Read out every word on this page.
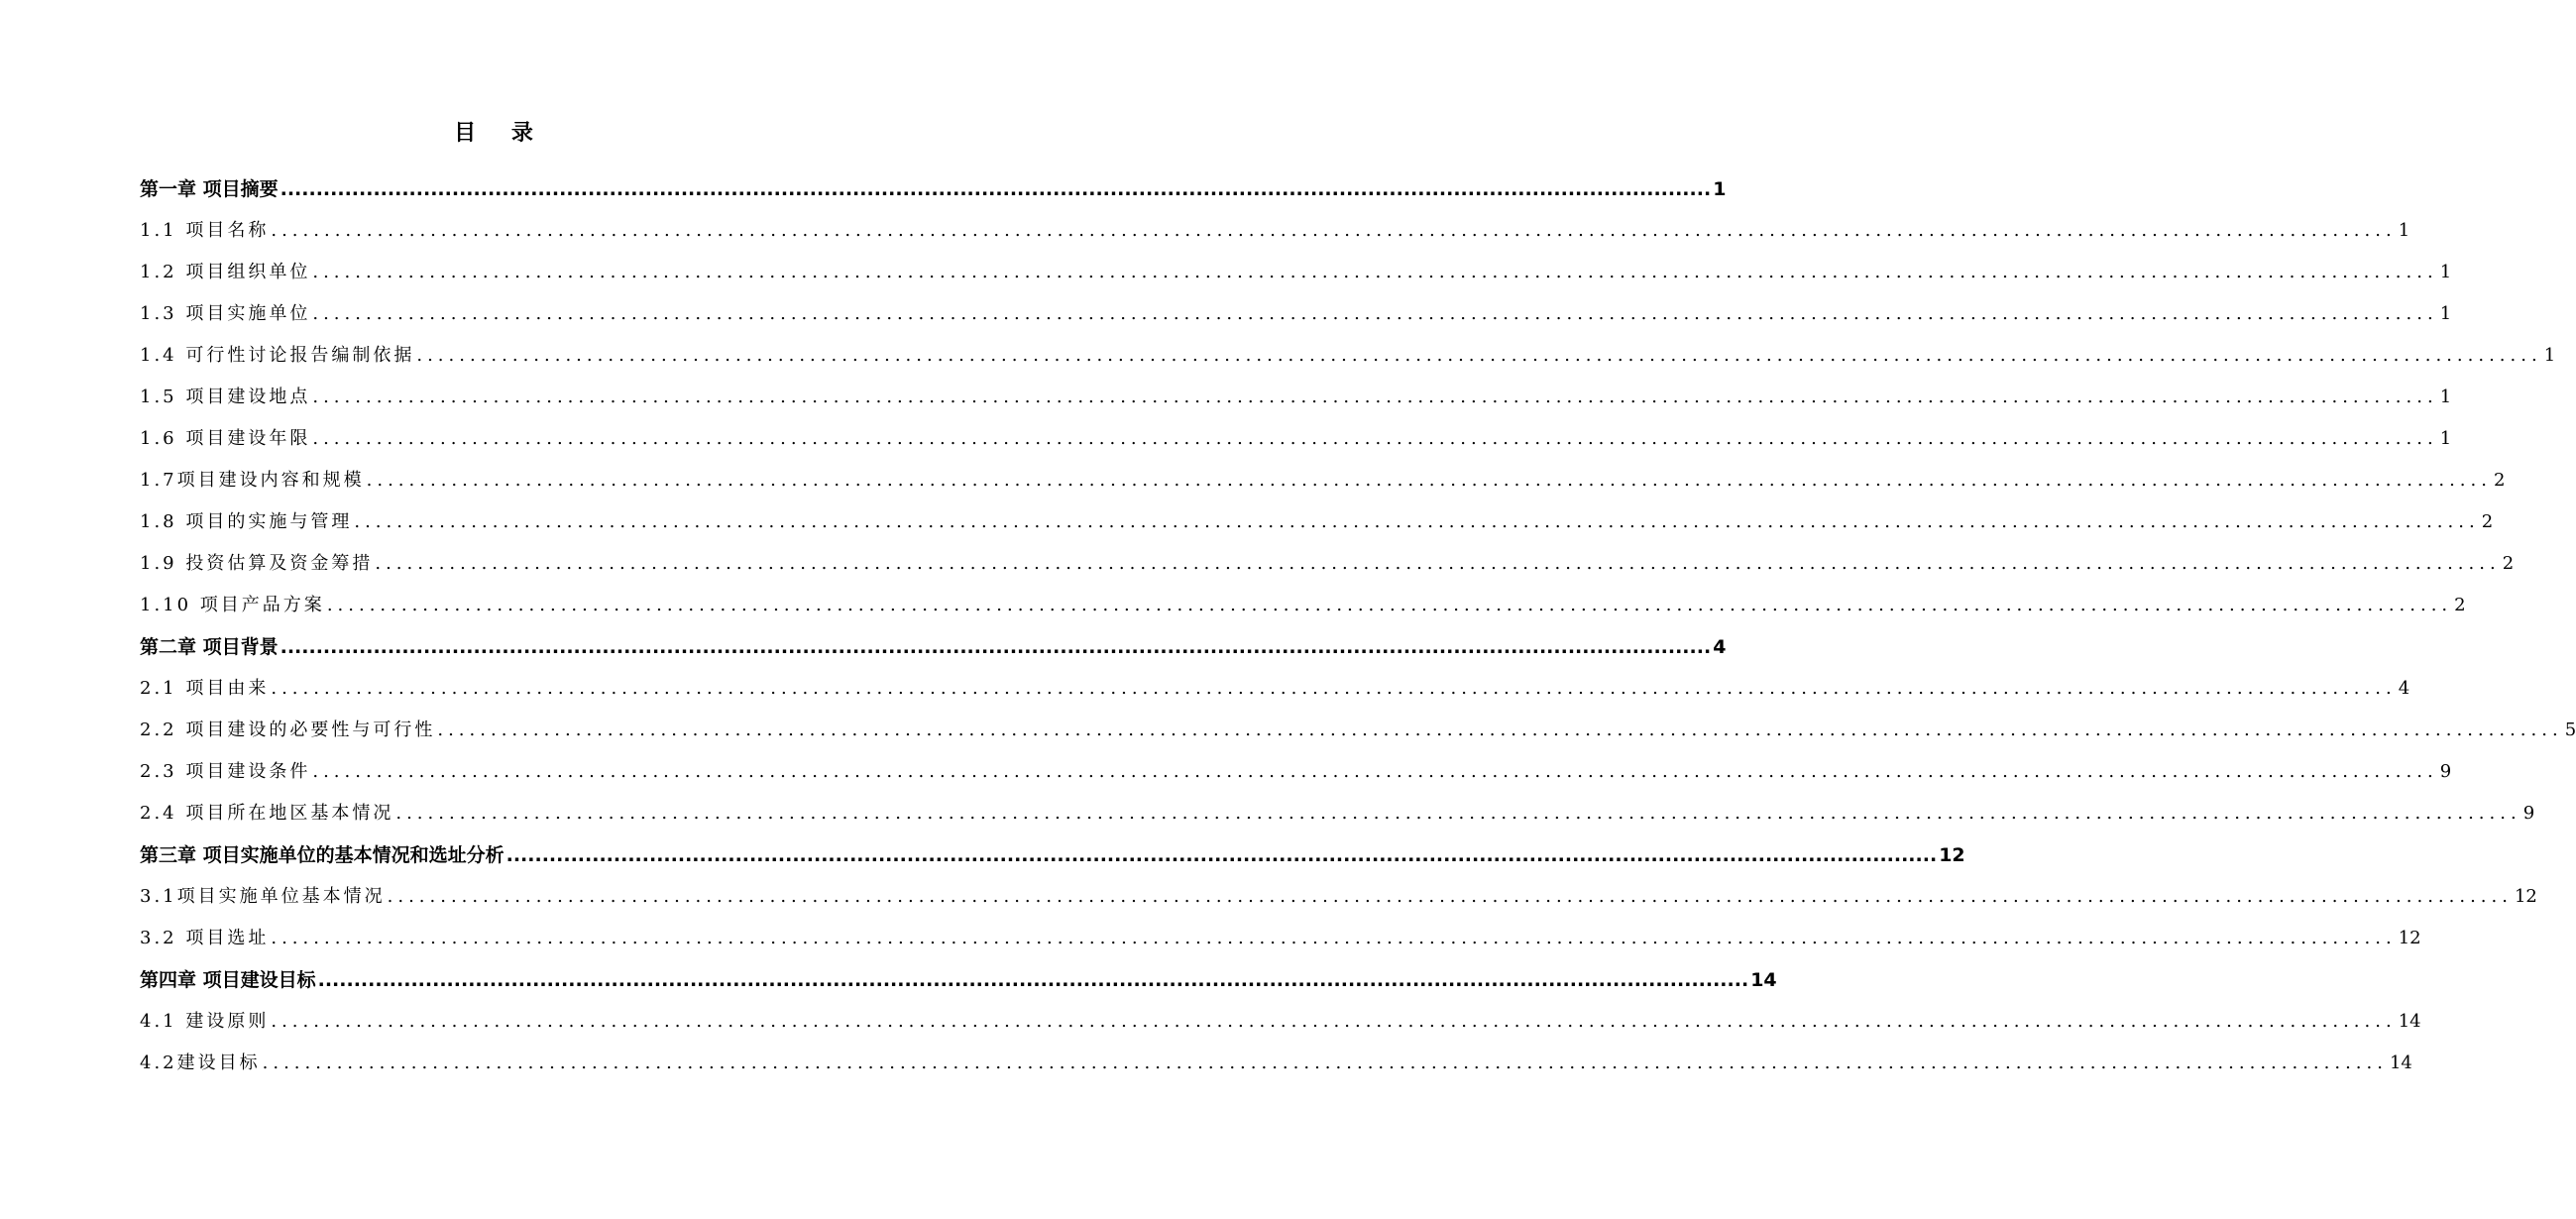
目 录
第一章 项目摘要 ........................................................................................................................................................................................................ 1
1.1 项目名称 ........................................................................................................................................................................................................ 1
1.2 项目组织单位 ........................................................................................................................................................................................................ 1
1.3 项目实施单位 ........................................................................................................................................................................................................ 1
1.4 可行性讨论报告编制依据 ........................................................................................................................................................................................................ 1
1.5 项目建设地点 ........................................................................................................................................................................................................ 1
1.6 项目建设年限 ........................................................................................................................................................................................................ 1
1.7项目建设内容和规模 ........................................................................................................................................................................................................ 2
1.8 项目的实施与管理 ........................................................................................................................................................................................................ 2
1.9 投资估算及资金筹措 ........................................................................................................................................................................................................ 2
1.10 项目产品方案 ........................................................................................................................................................................................................ 2
第二章 项目背景 ........................................................................................................................................................................................................ 4
2.1 项目由来 ........................................................................................................................................................................................................ 4
2.2 项目建设的必要性与可行性 ........................................................................................................................................................................................................ 5
2.3 项目建设条件 ........................................................................................................................................................................................................ 9
2.4 项目所在地区基本情况 ........................................................................................................................................................................................................ 9
第三章 项目实施单位的基本情况和选址分析 ........................................................................................................................................................................................................ 12
3.1项目实施单位基本情况 ........................................................................................................................................................................................................ 12
3.2 项目选址 ........................................................................................................................................................................................................ 12
第四章 项目建设目标 ........................................................................................................................................................................................................ 14
4.1 建设原则 ........................................................................................................................................................................................................ 14
4.2建设目标 ........................................................................................................................................................................................................ 14
